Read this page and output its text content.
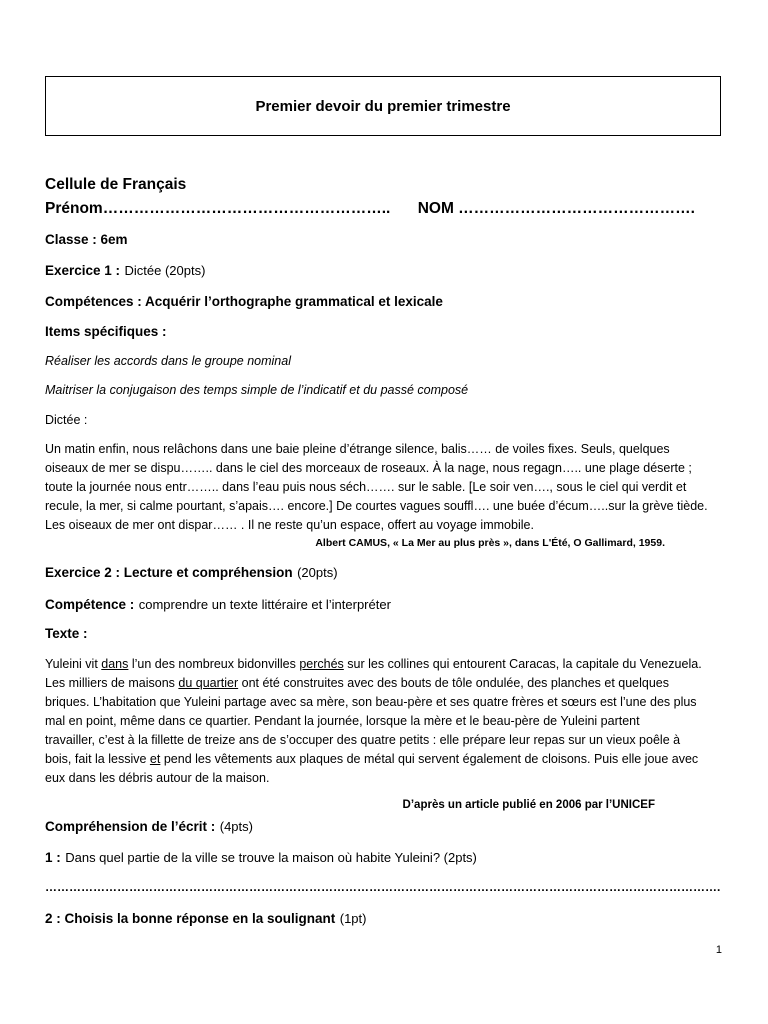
Premier devoir du premier trimestre
Cellule de Français
Prénom……………………………………………….. NOM ……………………………………….
Classe : 6em
Exercice 1 : Dictée (20pts)
Compétences : Acquérir l’orthographe grammatical et lexicale
Items spécifiques :
Réaliser les accords dans le groupe nominal
Maitriser la conjugaison des temps simple de l’indicatif et du passé composé
Dictée :
Un matin enfin, nous relâchons dans une baie pleine d’étrange silence, balis…… de voiles fixes. Seuls, quelques
oiseaux de mer se dispu…….. dans le ciel des morceaux de roseaux. À la nage, nous regagn….. une plage déserte ;
toute la journée nous entr…….. dans l’eau puis nous séch……. sur le sable. [Le soir ven…., sous le ciel qui verdit et
recule, la mer, si calme pourtant, s’apais…. encore.] De courtes vagues souffl…. une buée d’écum…..sur la grève tiède.
Les oiseaux de mer ont dispar…… . Il ne reste qu’un espace, offert au voyage immobile.
Albert CAMUS, « La Mer au plus près », dans L'Été, O Gallimard, 1959.
Exercice 2 : Lecture et compréhension (20pts)
Compétence : comprendre un texte littéraire et l’interpréter
Texte :
Yuleini vit dans l’un des nombreux bidonvilles perchés sur les collines qui entourent Caracas, la capitale du Venezuela.
Les milliers de maisons du quartier ont été construites avec des bouts de tôle ondulée, des planches et quelques
briques. L’habitation que Yuleini partage avec sa mère, son beau-père et ses quatre frères et sœurs est l’une des plus
mal en point, même dans ce quartier. Pendant la journée, lorsque la mère et le beau-père de Yuleini partent
travailler, c’est à la fillette de treize ans de s’occuper des quatre petits : elle prépare leur repas sur un vieux poêle à
bois, fait la lessive et pend les vêtements aux plaques de métal qui servent également de cloisons. Puis elle joue avec
eux dans les débris autour de la maison.
D’après un article publié en 2006 par l’UNICEF
Compréhension de l’écrit : (4pts)
1 : Dans quel partie de la ville se trouve la maison où habite Yuleini? (2pts)
…………………………………………………………………………………………………………………………………………………….
2 : Choisis la bonne réponse en la soulignant (1pt)
1
